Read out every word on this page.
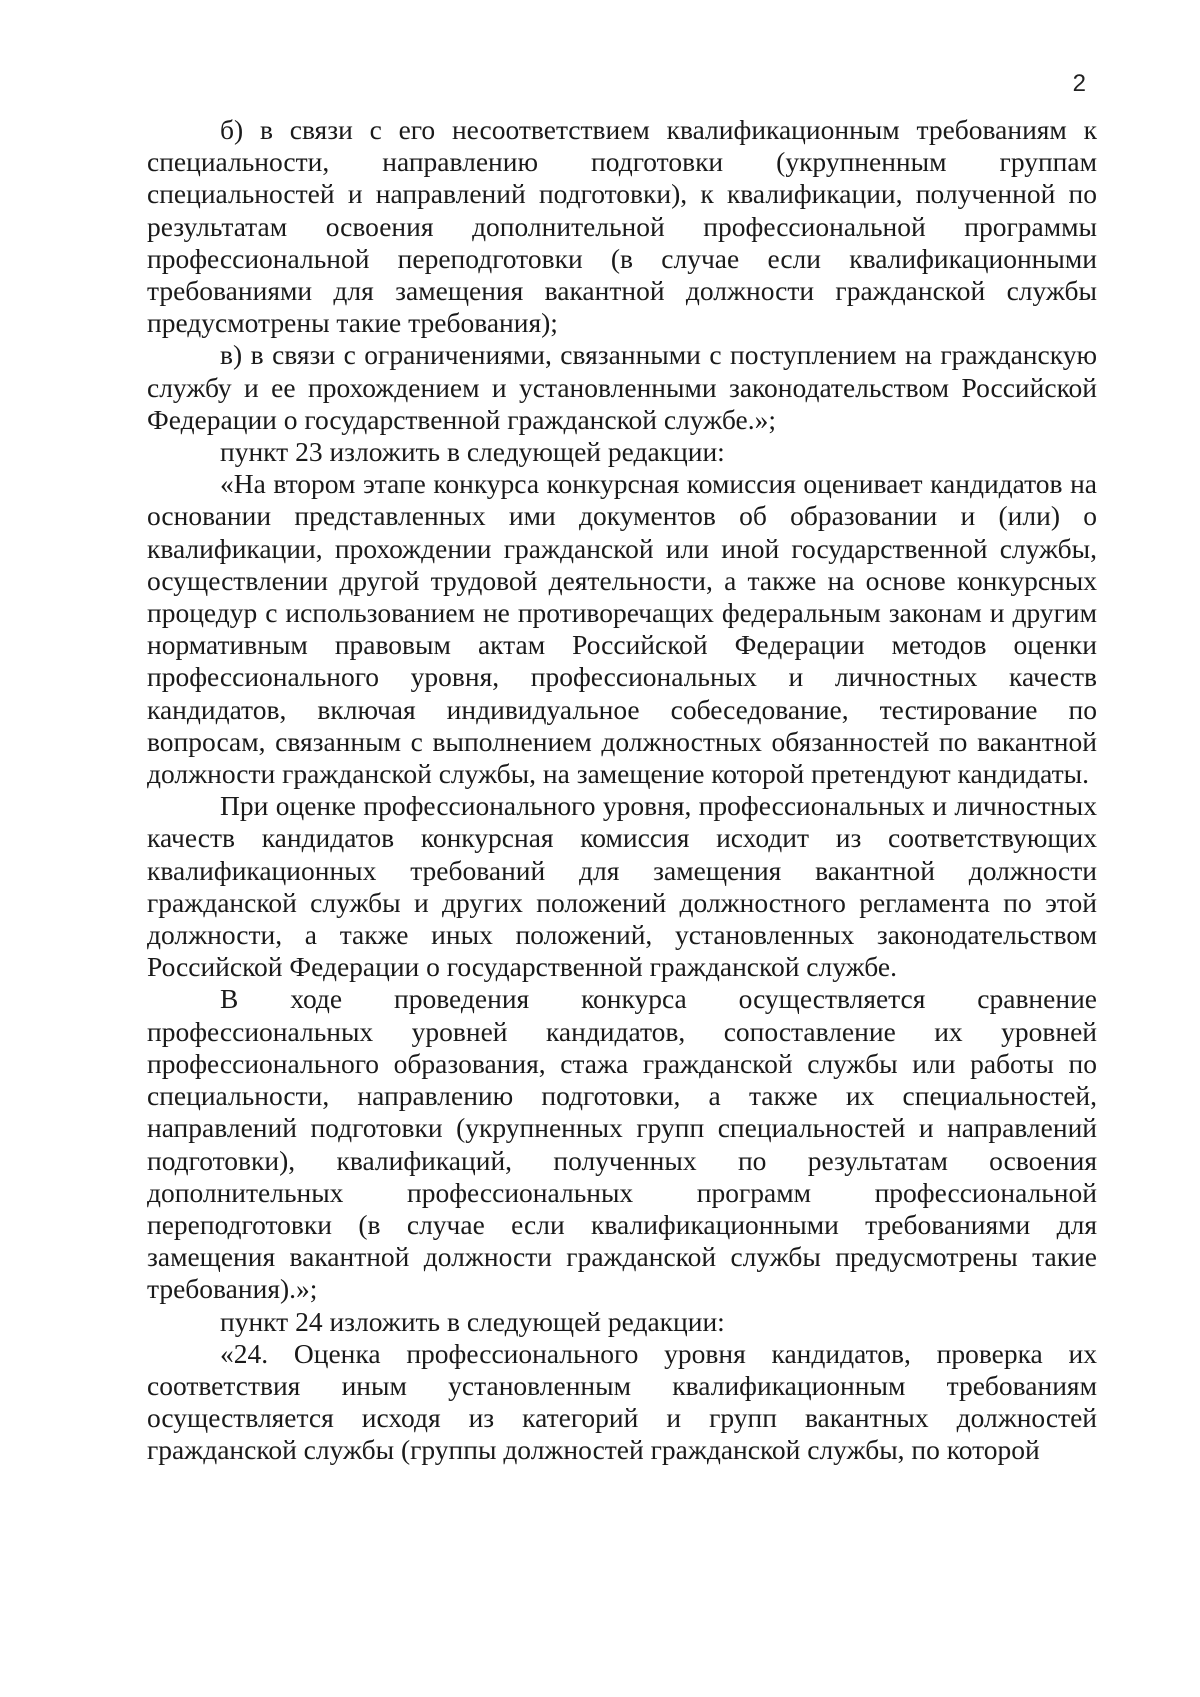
2

б) в связи с его несоответствием квалификационным требованиям к специальности, направлению подготовки (укрупненным группам специальностей и направлений подготовки), к квалификации, полученной по результатам освоения дополнительной профессиональной программы профессиональной переподготовки (в случае если квалификационными требованиями для замещения вакантной должности гражданской службы предусмотрены такие требования);

в) в связи с ограничениями, связанными с поступлением на гражданскую службу и ее прохождением и установленными законодательством Российской Федерации о государственной гражданской службе.»;

пункт 23 изложить в следующей редакции:

«На втором этапе конкурса конкурсная комиссия оценивает кандидатов на основании представленных ими документов об образовании и (или) о квалификации, прохождении гражданской или иной государственной службы, осуществлении другой трудовой деятельности, а также на основе конкурсных процедур с использованием не противоречащих федеральным законам и другим нормативным правовым актам Российской Федерации методов оценки профессионального уровня, профессиональных и личностных качеств кандидатов, включая индивидуальное собеседование, тестирование по вопросам, связанным с выполнением должностных обязанностей по вакантной должности гражданской службы, на замещение которой претендуют кандидаты.

При оценке профессионального уровня, профессиональных и личностных качеств кандидатов конкурсная комиссия исходит из соответствующих квалификационных требований для замещения вакантной должности гражданской службы и других положений должностного регламента по этой должности, а также иных положений, установленных законодательством Российской Федерации о государственной гражданской службе.

В ходе проведения конкурса осуществляется сравнение профессиональных уровней кандидатов, сопоставление их уровней профессионального образования, стажа гражданской службы или работы по специальности, направлению подготовки, а также их специальностей, направлений подготовки (укрупненных групп специальностей и направлений подготовки), квалификаций, полученных по результатам освоения дополнительных профессиональных программ профессиональной переподготовки (в случае если квалификационными требованиями для замещения вакантной должности гражданской службы предусмотрены такие требования).»;

пункт 24 изложить в следующей редакции:

«24. Оценка профессионального уровня кандидатов, проверка их соответствия иным установленным квалификационным требованиям осуществляется исходя из категорий и групп вакантных должностей гражданской службы (группы должностей гражданской службы, по которой
